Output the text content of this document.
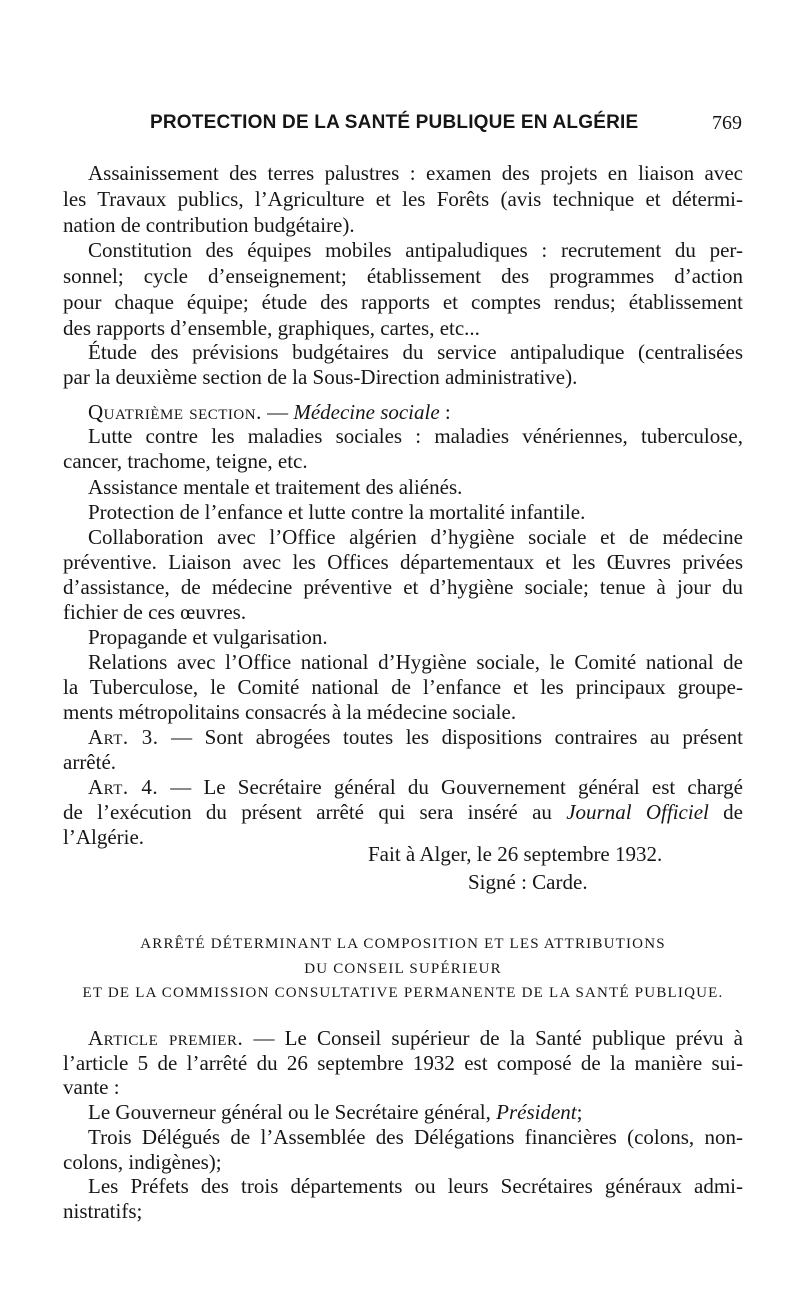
PROTECTION DE LA SANTÉ PUBLIQUE EN ALGÉRIE	769
Assainissement des terres palustres : examen des projets en liaison avec
les Travaux publics, l’Agriculture et les Forêts (avis technique et détermi-
nation de contribution budgétaire).
Constitution des équipes mobiles antipaludiques : recrutement du per-
sonnel; cycle d’enseignement; établissement des programmes d’action
pour chaque équipe; étude des rapports et comptes rendus; établissement
des rapports d’ensemble, graphiques, cartes, etc...
Étude des prévisions budgétaires du service antipaludique (centralisées
par la deuxième section de la Sous-Direction administrative).
Quatrième section. — Médecine sociale :
Lutte contre les maladies sociales : maladies vénériennes, tuberculose,
cancer, trachome, teigne, etc.
Assistance mentale et traitement des aliénés.
Protection de l’enfance et lutte contre la mortalité infantile.
Collaboration avec l’Office algérien d’hygiène sociale et de médecine
préventive. Liaison avec les Offices départementaux et les Œuvres privées
d’assistance, de médecine préventive et d’hygiène sociale; tenue à jour du
fichier de ces œuvres.
Propagande et vulgarisation.
Relations avec l’Office national d’Hygiène sociale, le Comité national de
la Tuberculose, le Comité national de l’enfance et les principaux groupe-
ments métropolitains consacrés à la médecine sociale.
Art. 3. — Sont abrogées toutes les dispositions contraires au présent
arrêté.
Art. 4. — Le Secrétaire général du Gouvernement général est chargé
de l’exécution du présent arrêté qui sera inséré au Journal Officiel de
l’Algérie.
Fait à Alger, le 26 septembre 1932.
Signé : Carde.
ARRÊTÉ DÉTERMINANT LA COMPOSITION ET LES ATTRIBUTIONS
DU CONSEIL SUPÉRIEUR
ET DE LA COMMISSION CONSULTATIVE PERMANENTE DE LA SANTÉ PUBLIQUE.
Article premier. — Le Conseil supérieur de la Santé publique prévu à
l’article 5 de l’arrêté du 26 septembre 1932 est composé de la manière sui-
vante :
Le Gouverneur général ou le Secrétaire général, Président;
Trois Délégués de l’Assemblée des Délégations financières (colons, non-
colons, indigènes);
Les Préfets des trois départements ou leurs Secrétaires généraux admi-
nistratifs;
